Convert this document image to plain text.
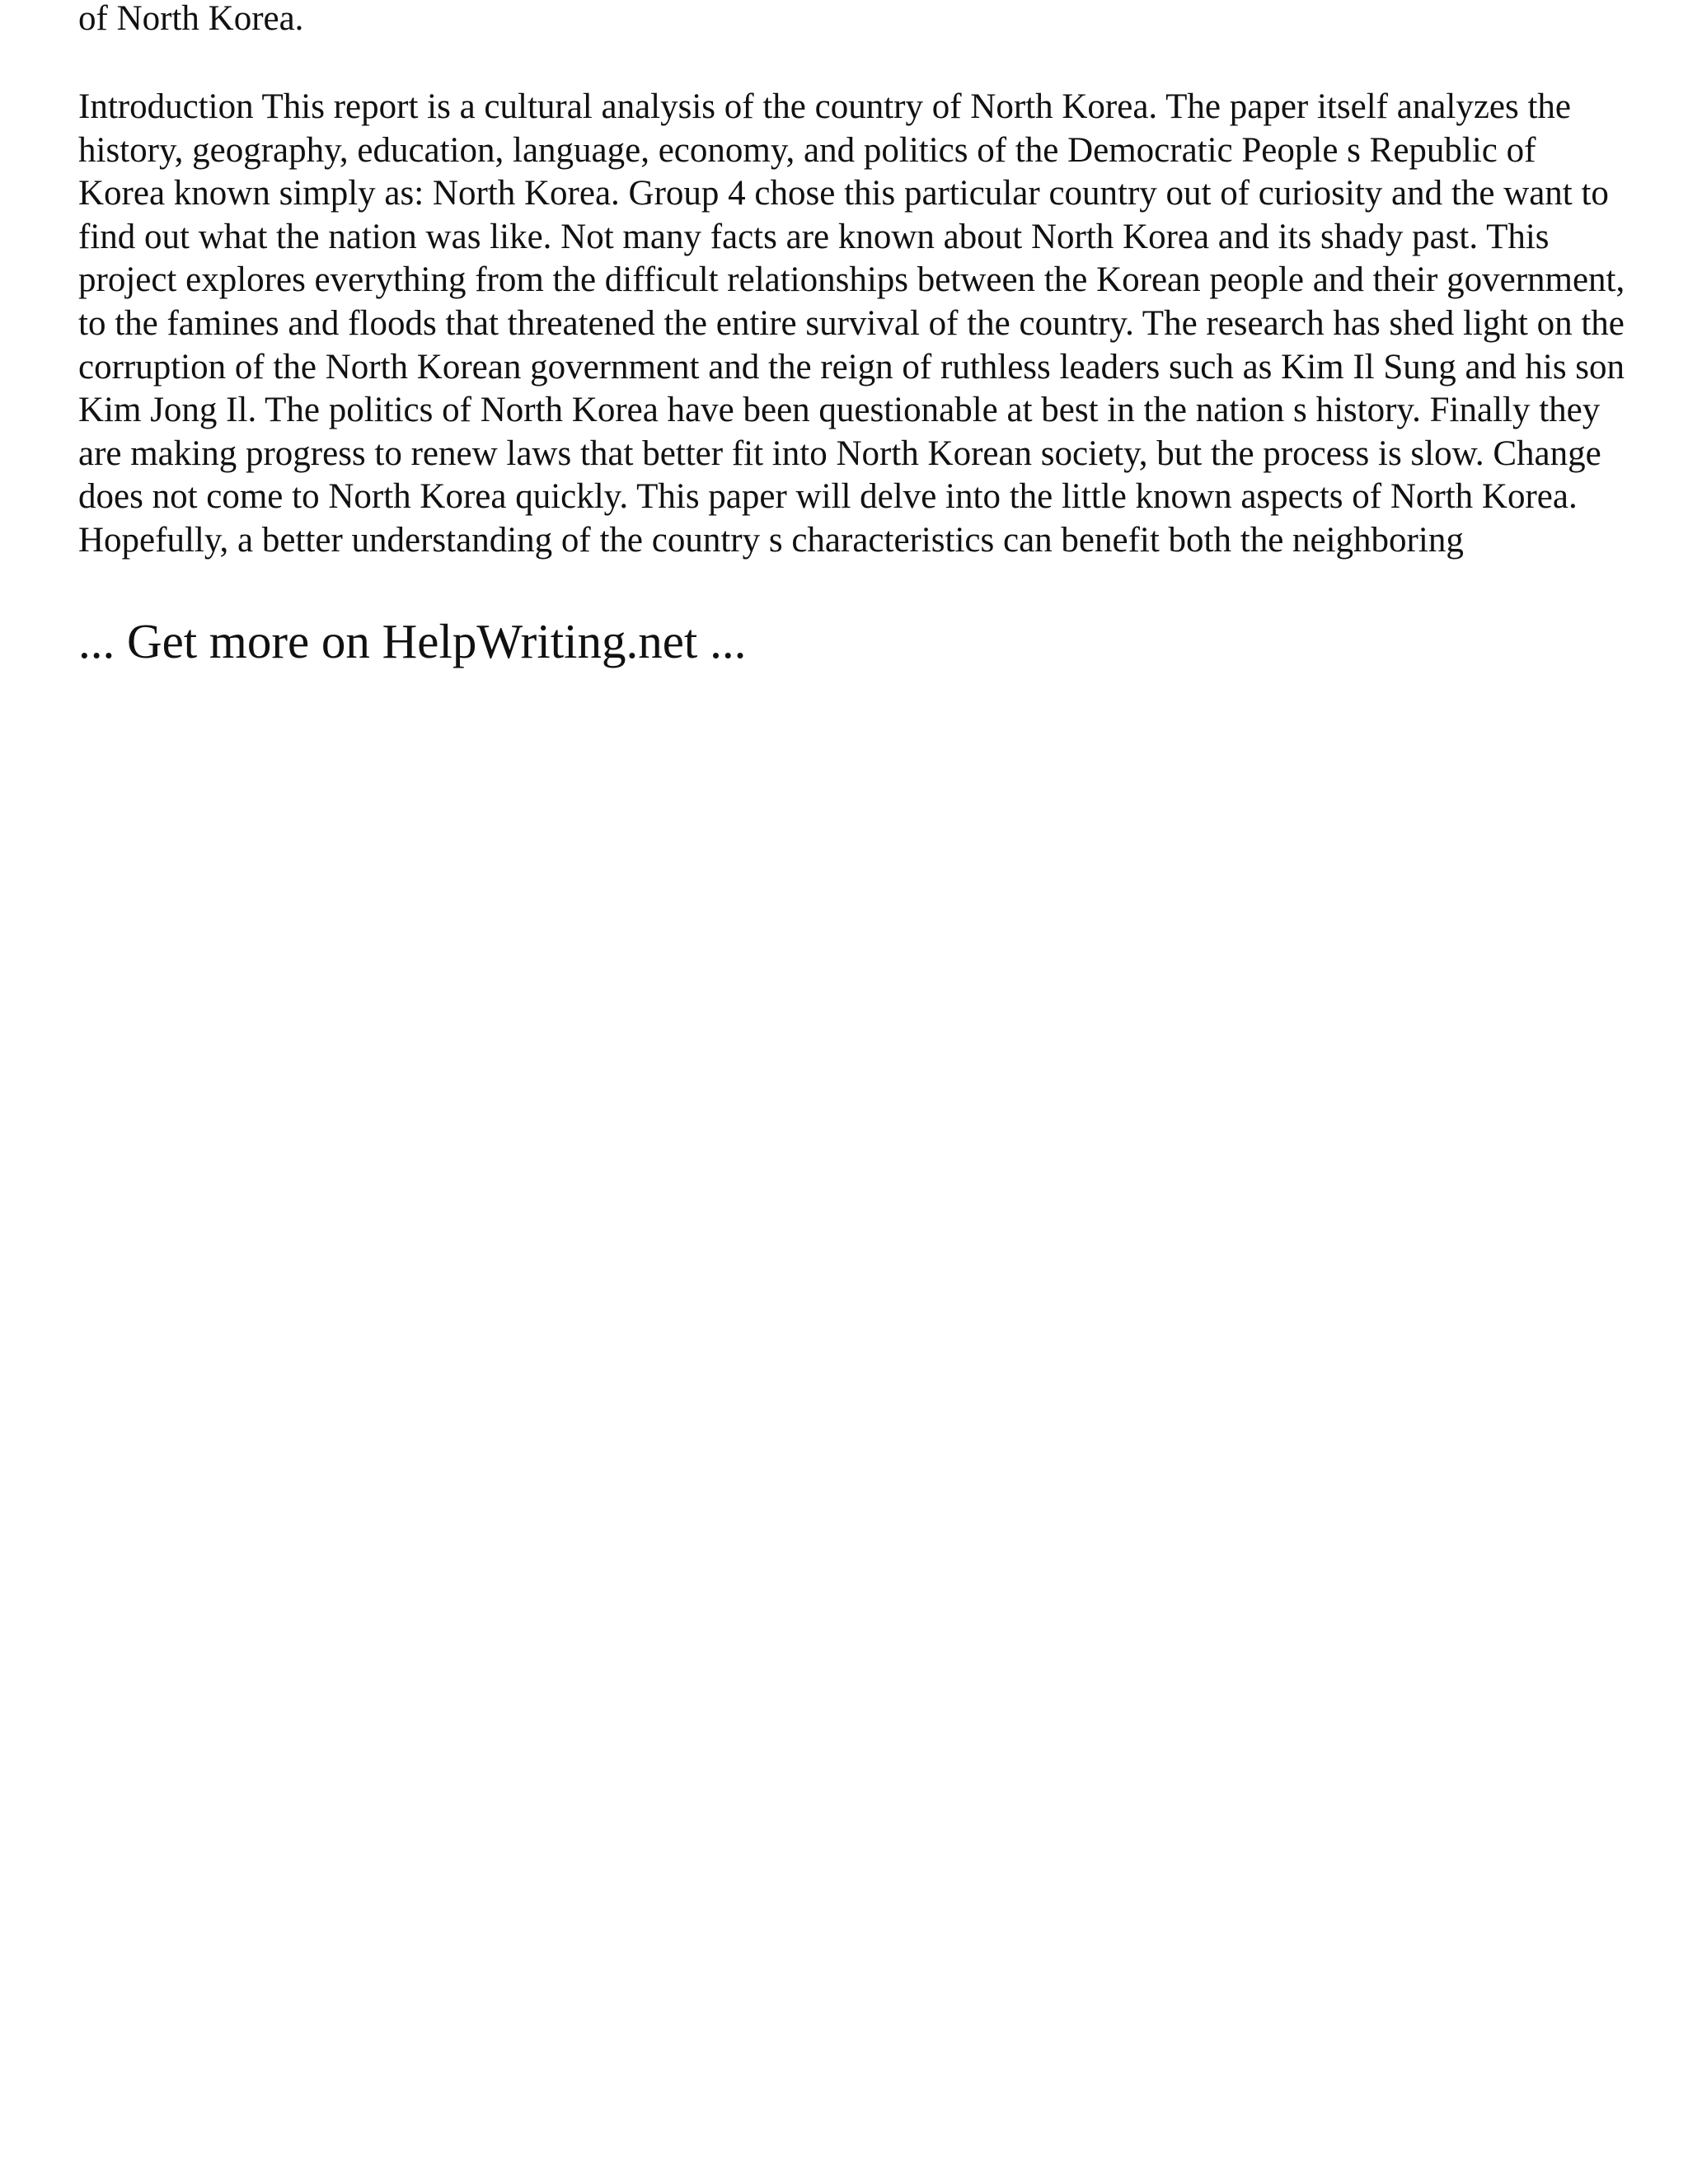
of North Korea.

Introduction This report is a cultural analysis of the country of North Korea. The paper itself analyzes the history, geography, education, language, economy, and politics of the Democratic People s Republic of Korea known simply as: North Korea. Group 4 chose this particular country out of curiosity and the want to find out what the nation was like. Not many facts are known about North Korea and its shady past. This project explores everything from the difficult relationships between the Korean people and their government, to the famines and floods that threatened the entire survival of the country. The research has shed light on the corruption of the North Korean government and the reign of ruthless leaders such as Kim Il Sung and his son Kim Jong Il. The politics of North Korea have been questionable at best in the nation s history. Finally they are making progress to renew laws that better fit into North Korean society, but the process is slow. Change does not come to North Korea quickly. This paper will delve into the little known aspects of North Korea. Hopefully, a better understanding of the country s characteristics can benefit both the neighboring

... Get more on HelpWriting.net ...
